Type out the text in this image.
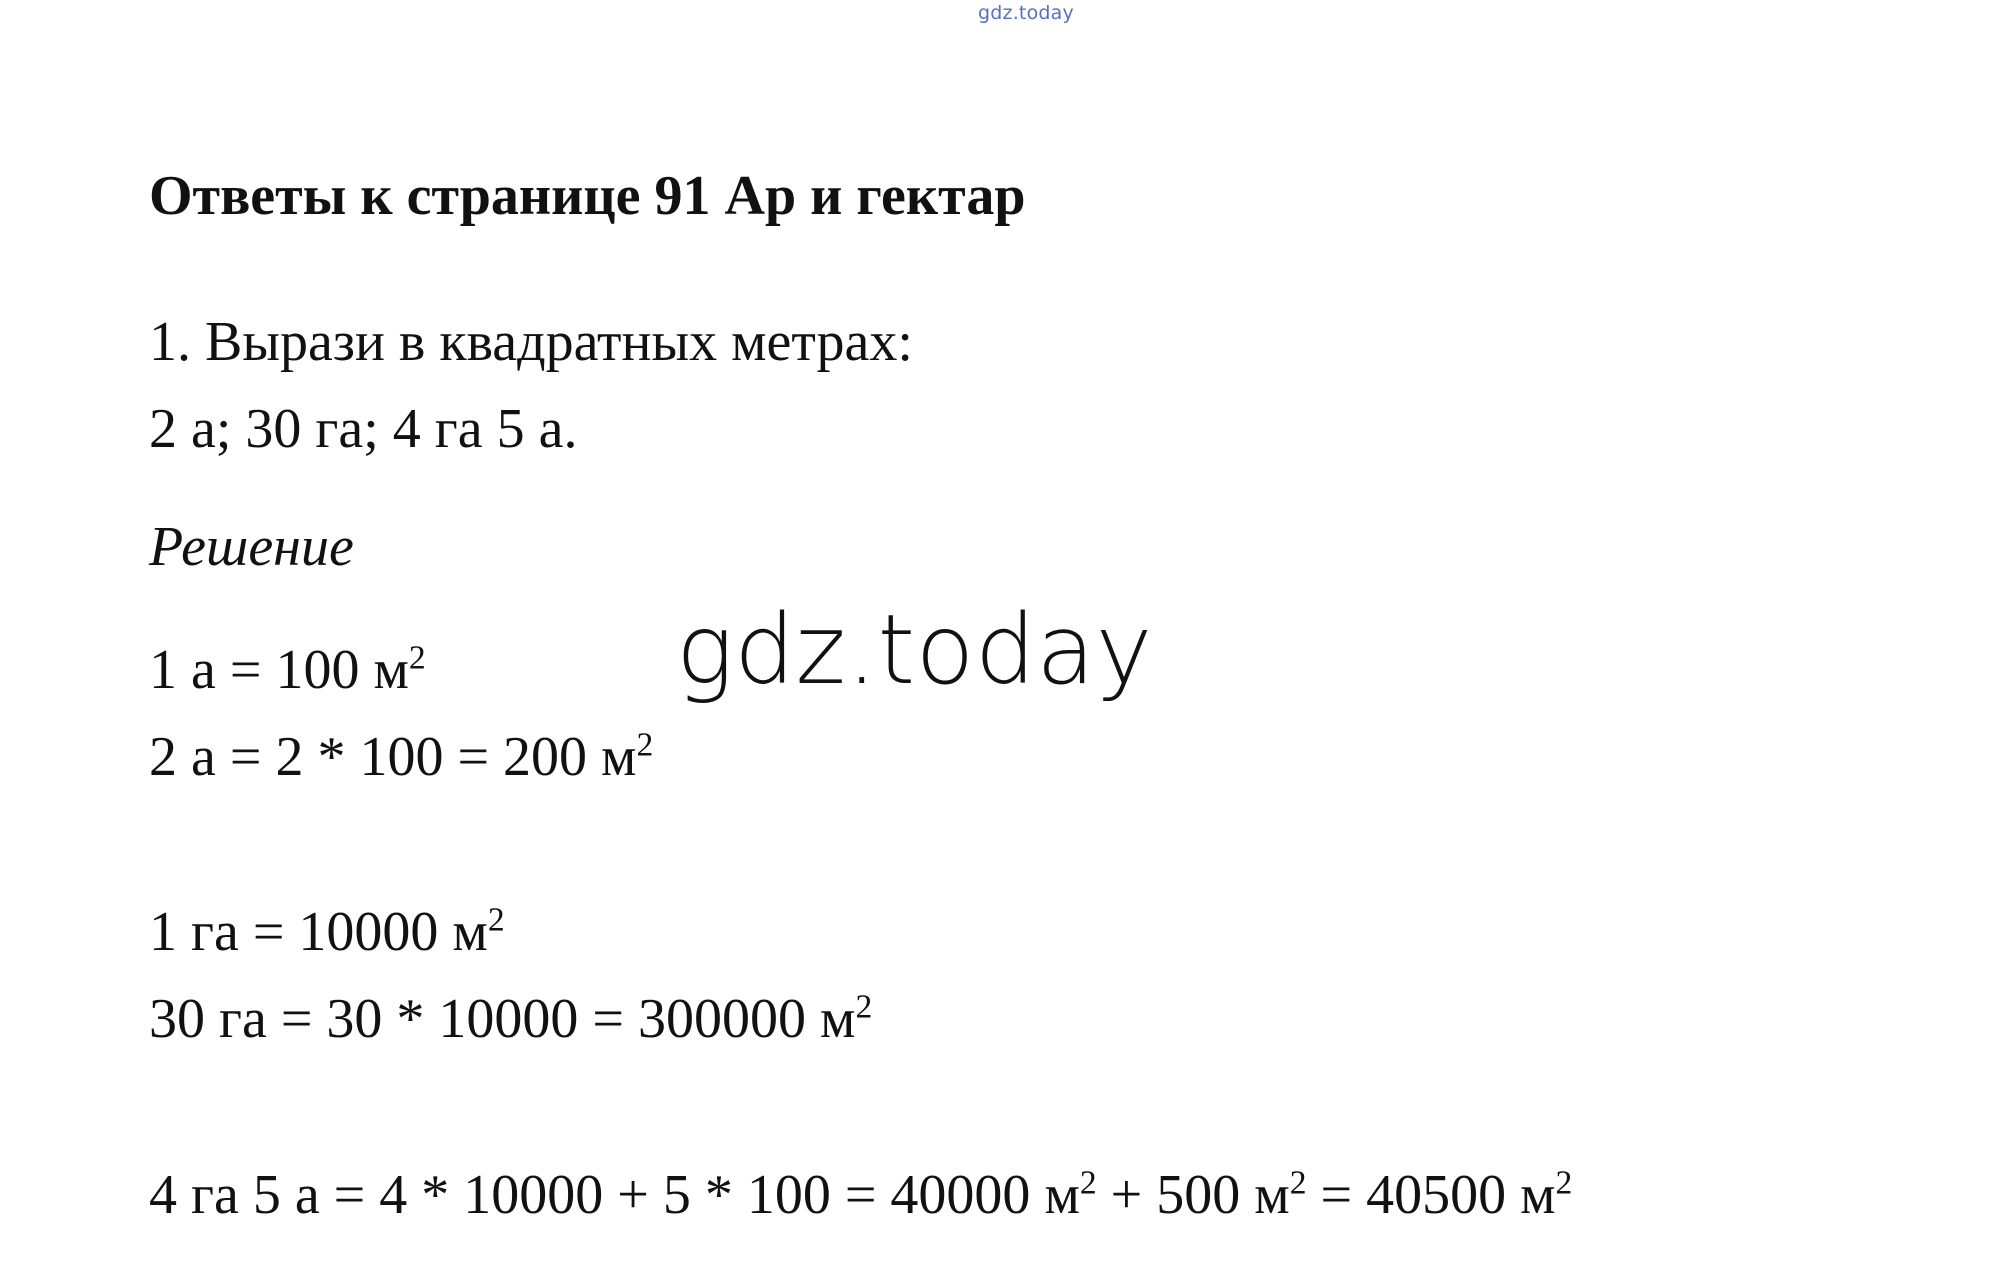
gdz.today
Ответы к странице 91 Ар и гектар
1. Вырази в квадратных метрах:
2 а; 30 га; 4 га 5 а.
Решение
1 а = 100 $м^2$
2 а = 2 * 100 = 200 $м^2$
1 га = 10000 $м^2$
30 га = 30 * 10000 = 300000 $м^2$
4 га 5 а = 4 * 10000 + 5 * 100 = 40000 $м^2 + 500$ $м^2 = 40500$ $м^2$
gdz.today
